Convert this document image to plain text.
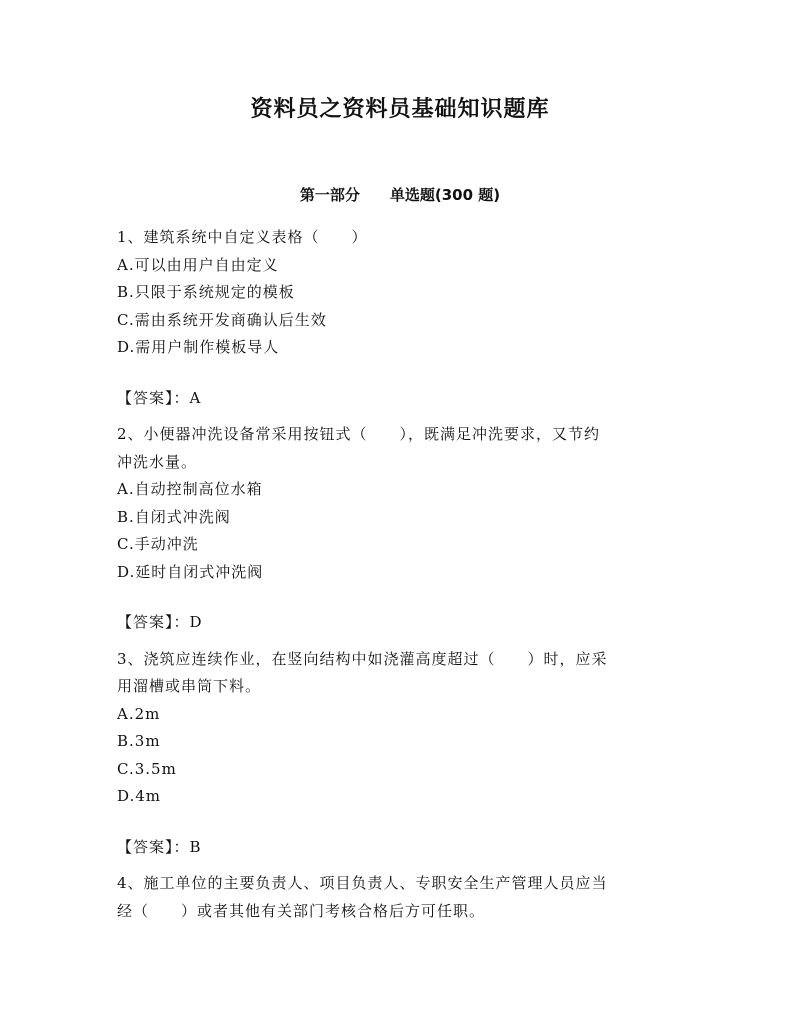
资料员之资料员基础知识题库
第一部分　　单选题(300 题)
1、建筑系统中自定义表格（　　）
A.可以由用户自由定义
B.只限于系统规定的模板
C.需由系统开发商确认后生效
D.需用户制作模板导人
【答案】：A
2、小便器冲洗设备常采用按钮式（　　），既满足冲洗要求，又节约
冲洗水量。
A.自动控制高位水箱
B.自闭式冲洗阀
C.手动冲洗
D.延时自闭式冲洗阀
【答案】：D
3、浇筑应连续作业，在竖向结构中如浇灌高度超过（　　）时，应采
用溜槽或串筒下料。
A.2m
B.3m
C.3.5m
D.4m
【答案】：B
4、施工单位的主要负责人、项目负责人、专职安全生产管理人员应当
经（　　）或者其他有关部门考核合格后方可任职。
